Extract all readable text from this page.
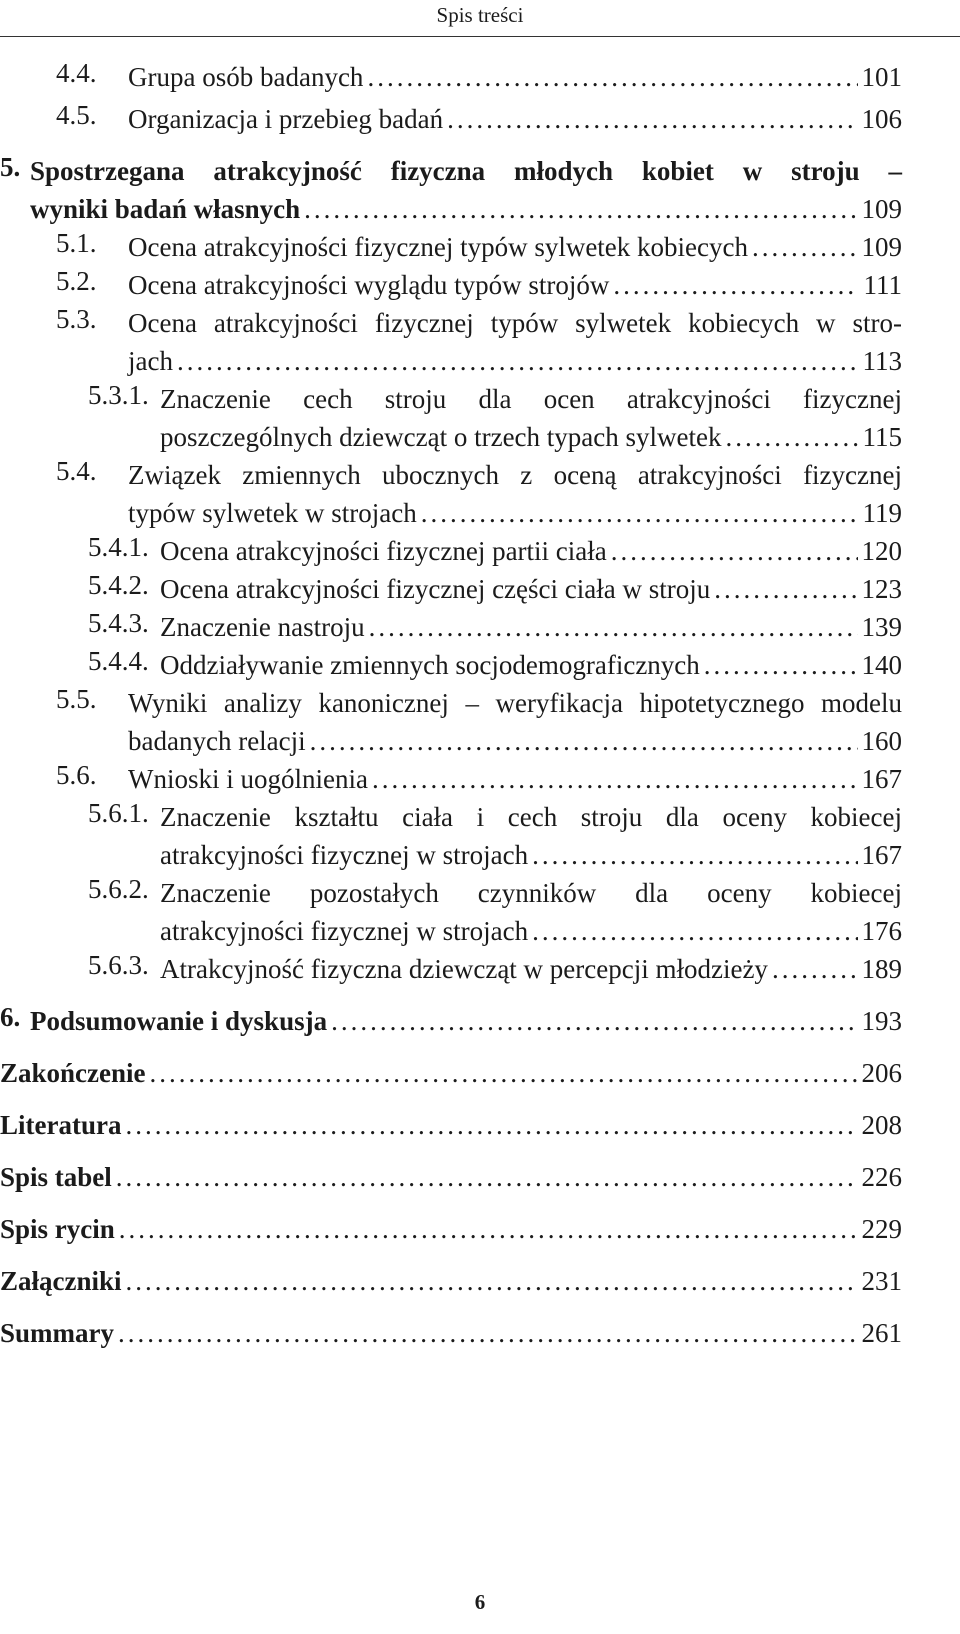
Spis treści
4.4.	Grupa osób badanych .....	101
4.5.	Organizacja i przebieg badań .....	106
5. Spostrzegana atrakcyjność fizyczna młodych kobiet w stroju –
wyniki badań własnych .....	109
5.1.	Ocena atrakcyjności fizycznej typów sylwetek kobiecych .....	109
5.2.	Ocena atrakcyjności wyglądu typów strojów .....	111
5.3.	Ocena atrakcyjności fizycznej typów sylwetek kobiecych w stro-
jach .....	113
5.3.1. Znaczenie cech stroju dla ocen atrakcyjności fizycznej
poszczególnych dziewcząt o trzech typach sylwetek .....	115
5.4.	Związek zmiennych ubocznych z oceną atrakcyjności fizycznej
typów sylwetek w strojach .....	119
5.4.1. Ocena atrakcyjności fizycznej partii ciała .....	120
5.4.2. Ocena atrakcyjności fizycznej części ciała w stroju .....	123
5.4.3. Znaczenie nastroju .....	139
5.4.4. Oddziaływanie zmiennych socjodemograficznych .....	140
5.5.	Wyniki analizy kanonicznej – weryfikacja hipotetycznego modelu
badanych relacji .....	160
5.6.	Wnioski i uogólnienia .....	167
5.6.1. Znaczenie kształtu ciała i cech stroju dla oceny kobiecej
atrakcyjności fizycznej w strojach .....	167
5.6.2. Znaczenie pozostałych czynników dla oceny kobiecej
atrakcyjności fizycznej w strojach .....	176
5.6.3. Atrakcyjność fizyczna dziewcząt w percepcji młodzieży .....	189
6. Podsumowanie i dyskusja .....	193
Zakończenie .....	206
Literatura .....	208
Spis tabel .....	226
Spis rycin .....	229
Załączniki .....	231
Summary .....	261
6
